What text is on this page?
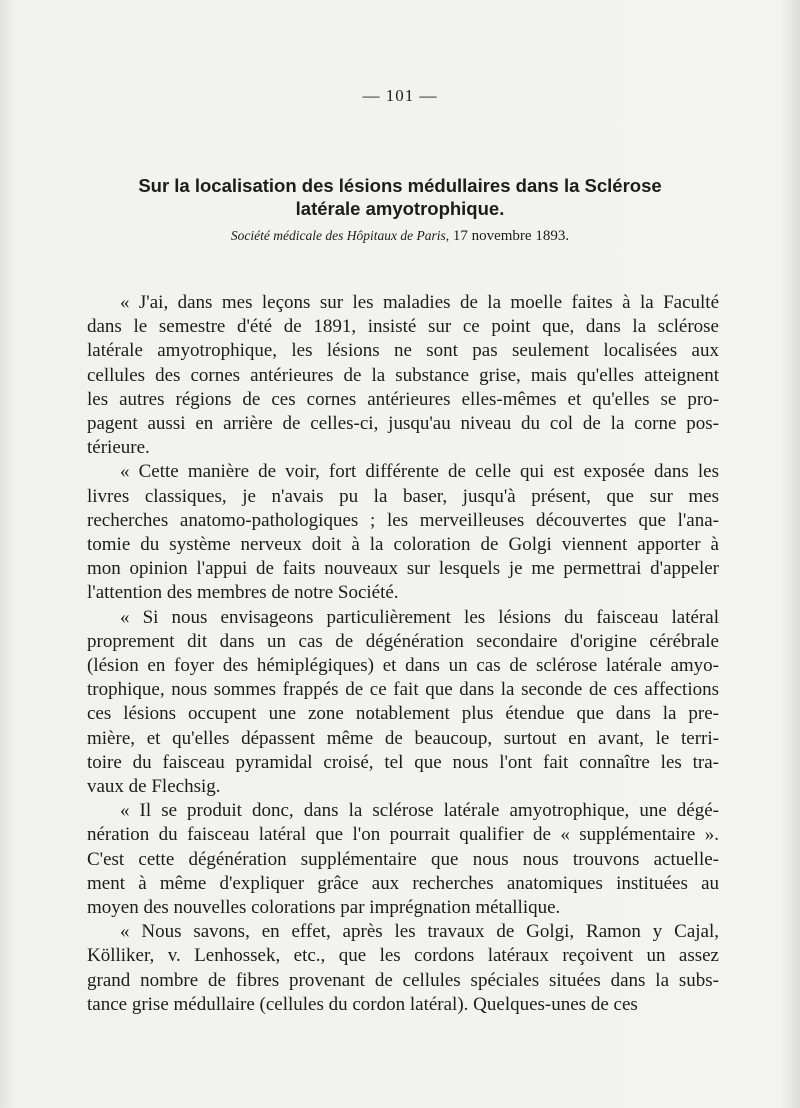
— 101 —
Sur la localisation des lésions médullaires dans la Sclérose
latérale amyotrophique.
Société médicale des Hôpitaux de Paris, 17 novembre 1893.
« J'ai, dans mes leçons sur les maladies de la moelle faites à la Faculté
dans le semestre d'été de 1891, insisté sur ce point que, dans la sclérose
latérale amyotrophique, les lésions ne sont pas seulement localisées aux
cellules des cornes antérieures de la substance grise, mais qu'elles atteignent
les autres régions de ces cornes antérieures elles-mêmes et qu'elles se pro-
pagent aussi en arrière de celles-ci, jusqu'au niveau du col de la corne pos-
térieure.
« Cette manière de voir, fort différente de celle qui est exposée dans les
livres classiques, je n'avais pu la baser, jusqu'à présent, que sur mes
recherches anatomo-pathologiques ; les merveilleuses découvertes que l'ana-
tomie du système nerveux doit à la coloration de Golgi viennent apporter à
mon opinion l'appui de faits nouveaux sur lesquels je me permettrai d'appeler
l'attention des membres de notre Société.
« Si nous envisageons particulièrement les lésions du faisceau latéral
proprement dit dans un cas de dégénération secondaire d'origine cérébrale
(lésion en foyer des hémiplégiques) et dans un cas de sclérose latérale amyo-
trophique, nous sommes frappés de ce fait que dans la seconde de ces affections
ces lésions occupent une zone notablement plus étendue que dans la pre-
mière, et qu'elles dépassent même de beaucoup, surtout en avant, le terri-
toire du faisceau pyramidal croisé, tel que nous l'ont fait connaître les tra-
vaux de Flechsig.
« Il se produit donc, dans la sclérose latérale amyotrophique, une dégé-
nération du faisceau latéral que l'on pourrait qualifier de « supplémentaire ».
C'est cette dégénération supplémentaire que nous nous trouvons actuelle-
ment à même d'expliquer grâce aux recherches anatomiques instituées au
moyen des nouvelles colorations par imprégnation métallique.
« Nous savons, en effet, après les travaux de Golgi, Ramon y Cajal,
Kölliker, v. Lenhossek, etc., que les cordons latéraux reçoivent un assez
grand nombre de fibres provenant de cellules spéciales situées dans la subs-
tance grise médullaire (cellules du cordon latéral). Quelques-unes de ces
